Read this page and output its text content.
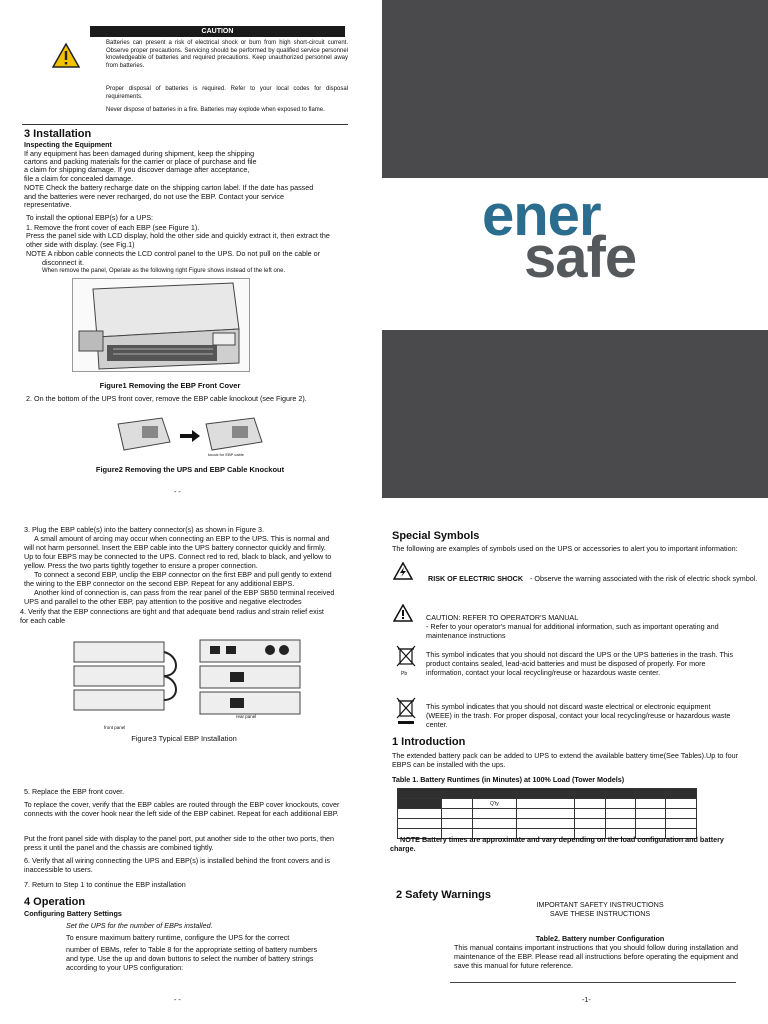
CAUTION
Batteries can present a risk of electrical shock or burn from high short-circuit current. Observe proper precautions. Servicing should be performed by qualified service personnel knowledgeable of batteries and required precautions. Keep unauthorized personnel away from batteries.
Proper disposal of batteries is required. Refer to your local codes for disposal requirements.
Never dispose of batteries in a fire. Batteries may explode when exposed to flame.
3 Installation
Inspecting the Equipment
If any equipment has been damaged during shipment, keep the shipping
cartons and packing materials for the carrier or place of purchase and file
a claim for shipping damage. If you discover damage after acceptance,
file a claim for concealed damage.
NOTE Check the battery recharge date on the shipping carton label. If the date has passed
and the batteries were never recharged, do not use the EBP. Contact your service
representative.
To install the optional EBP(s) for a UPS:
1. Remove the front cover of each EBP (see Figure 1).
Press the panel side with LCD display, hold the other side and quickly extract it, then extract the
other side with display. (see Fig.1)
NOTE A ribbon cable connects the LCD control panel to the UPS. Do not pull on the cable or
disconnect it.
When remove the panel, Operate as the following right Figure shows instead of the left one.
Figure1 Removing the EBP Front Cover
2. On the bottom of the UPS front cover, remove the EBP cable knockout (see Figure 2).
knock for EBP cable
Figure2 Removing the UPS and EBP Cable Knockout
- -
3. Plug the EBP cable(s) into the battery connector(s) as shown in Figure 3.
A small amount of arcing may occur when connecting an EBP to the UPS. This is normal and
will not harm personnel. Insert the EBP cable into the UPS battery connector quickly and firmly.
Up to four EBPS may be connected to the UPS. Connect red to red, black to black, and yellow to
yellow. Press the two parts tightly together to ensure a proper connection.
To connect a second EBP, unclip the EBP connector on the first EBP and pull gently to extend
the wiring to the EBP connector on the second EBP. Repeat for any additional EBPS.
Another kind of connection is, can pass from the rear panel of the EBP SB50 terminal received
UPS and parallel to the other EBP, pay attention to the positive and negative electrodes
4. Verify that the EBP connections are tight and that adequate bend radius and strain relief exist
for each cable
front panel
rear panel
Figure3 Typical EBP Installation
5. Replace the EBP front cover.
To replace the cover, verify that the EBP cables are routed through the EBP cover knockouts, cover connects with the cover hook near the left side of the EBP cabinet. Repeat for each additional EBP.
Put the front panel side with display to the panel port, put another side to the other two ports, then press it until the panel and the chassis are combined tightly.
6. Verify that all wiring connecting the UPS and EBP(s) is installed behind the front covers and is inaccessible to users.
7. Return to Step 1 to continue the EBP installation
4 Operation
Configuring Battery Settings
Set the UPS for the number of EBPs installed.
To ensure maximum battery runtime, configure the UPS for the correct
number of EBMs, refer to Table 8 for the appropriate setting of battery numbers
and type. Use the up and down buttons to select the number of battery strings
according to your UPS configuration:
- -
ener
safe
Special Symbols
The following are examples of symbols used on the UPS or accessories to alert you to important information:
RISK OF ELECTRIC SHOCK - Observe the warning associated with the risk of electric shock symbol.
CAUTION: REFER TO OPERATOR'S MANUAL
- Refer to your operator's manual for additional information, such as important operating and maintenance instructions
Pb
This symbol indicates that you should not discard the UPS or the UPS batteries in the trash. This product contains sealed, lead-acid batteries and must be disposed of properly. For more information, contact your local recycling/reuse or hazardous waste center.
This symbol indicates that you should not discard waste electrical or electronic equipment (WEEE) in the trash. For proper disposal, contact your local recycling/reuse or hazardous waste center.
1 Introduction
The extended battery pack can be added to UPS to extend the available battery time(See Tables).Up to four EBPS can be installed with the ups.
Table 1. Battery Runtimes (in Minutes) at 100% Load (Tower Models)

		Q'ty					

NOTE Battery times are approximate and vary depending on the load configuration and battery charge.
2 Safety Warnings
IMPORTANT SAFETY INSTRUCTIONS
SAVE THESE INSTRUCTIONS
Table2. Battery number Configuration
This manual contains important instructions that you should follow during installation and maintenance of the EBP. Please read all instructions before operating the equipment and save this manual for future reference.
-1-
